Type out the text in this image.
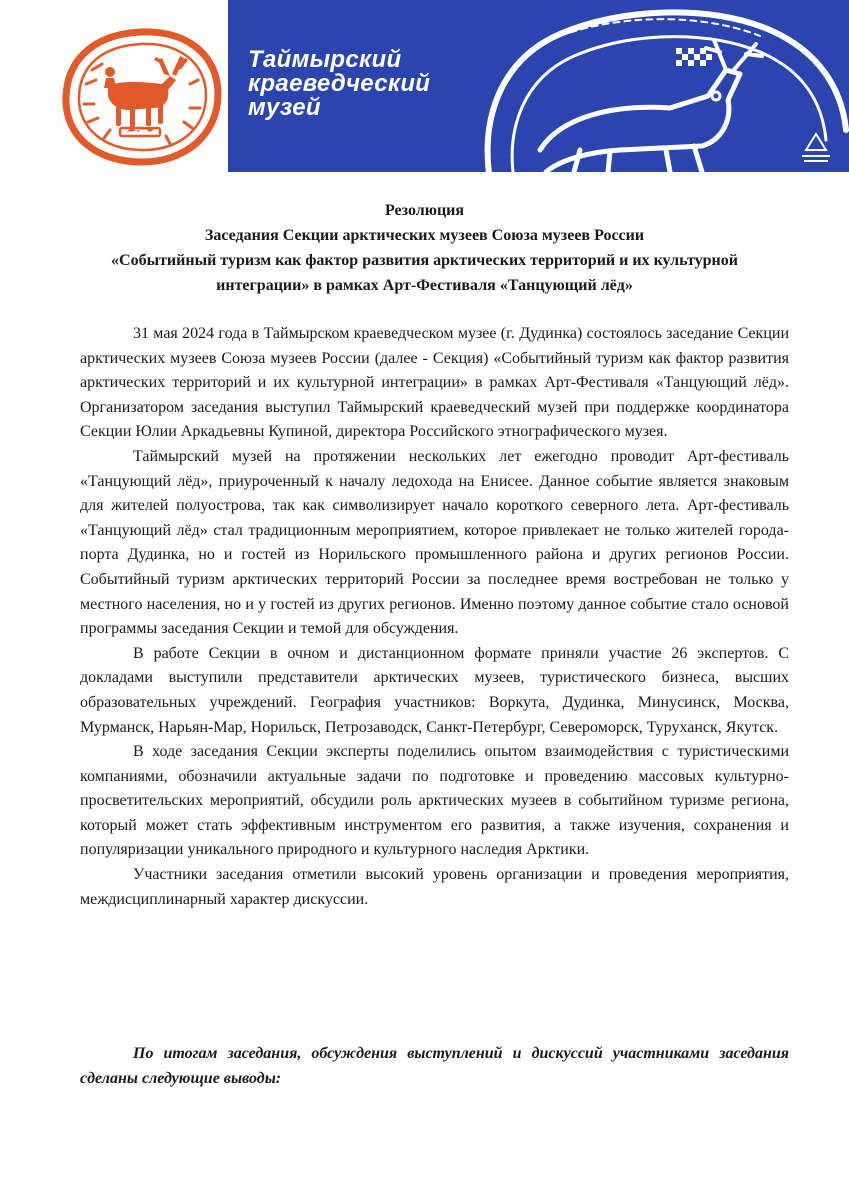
Таймырский
краеведческий
музей
Резолюция
Заседания Секции арктических музеев Союза музеев России
«Событийный туризм как фактор развития арктических территорий и их культурной
интеграции» в рамках Арт-Фестиваля «Танцующий лёд»

31 мая 2024 года в Таймырском краеведческом музее (г. Дудинка) состоялось заседание Секции арктических музеев Союза музеев России (далее - Секция) «Событийный туризм как фактор развития арктических территорий и их культурной интеграции» в рамках Арт-Фестиваля «Танцующий лёд». Организатором заседания выступил Таймырский краеведческий музей при поддержке координатора Секции Юлии Аркадьевны Купиной, директора Российского этнографического музея.

Таймырский музей на протяжении нескольких лет ежегодно проводит Арт-фестиваль «Танцующий лёд», приуроченный к началу ледохода на Енисее. Данное событие является знаковым для жителей полуострова, так как символизирует начало короткого северного лета. Арт-фестиваль «Танцующий лёд» стал традиционным мероприятием, которое привлекает не только жителей города-порта Дудинка, но и гостей из Норильского промышленного района и других регионов России. Событийный туризм арктических территорий России за последнее время востребован не только у местного населения, но и у гостей из других регионов. Именно поэтому данное событие стало основой программы заседания Секции и темой для обсуждения.

В работе Секции в очном и дистанционном формате приняли участие 26 экспертов. С докладами выступили представители арктических музеев, туристического бизнеса, высших образовательных учреждений. География участников: Воркута, Дудинка, Минусинск, Москва, Мурманск, Нарьян-Мар, Норильск, Петрозаводск, Санкт-Петербург, Североморск, Туруханск, Якутск.

В ходе заседания Секции эксперты поделились опытом взаимодействия с туристическими компаниями, обозначили актуальные задачи по подготовке и проведению массовых культурно-просветительских мероприятий, обсудили роль арктических музеев в событийном туризме региона, который может стать эффективным инструментом его развития, а также изучения, сохранения и популяризации уникального природного и культурного наследия Арктики.

Участники заседания отметили высокий уровень организации и проведения мероприятия, междисциплинарный характер дискуссии.

По итогам заседания, обсуждения выступлений и дискуссий участниками заседания сделаны следующие выводы:
